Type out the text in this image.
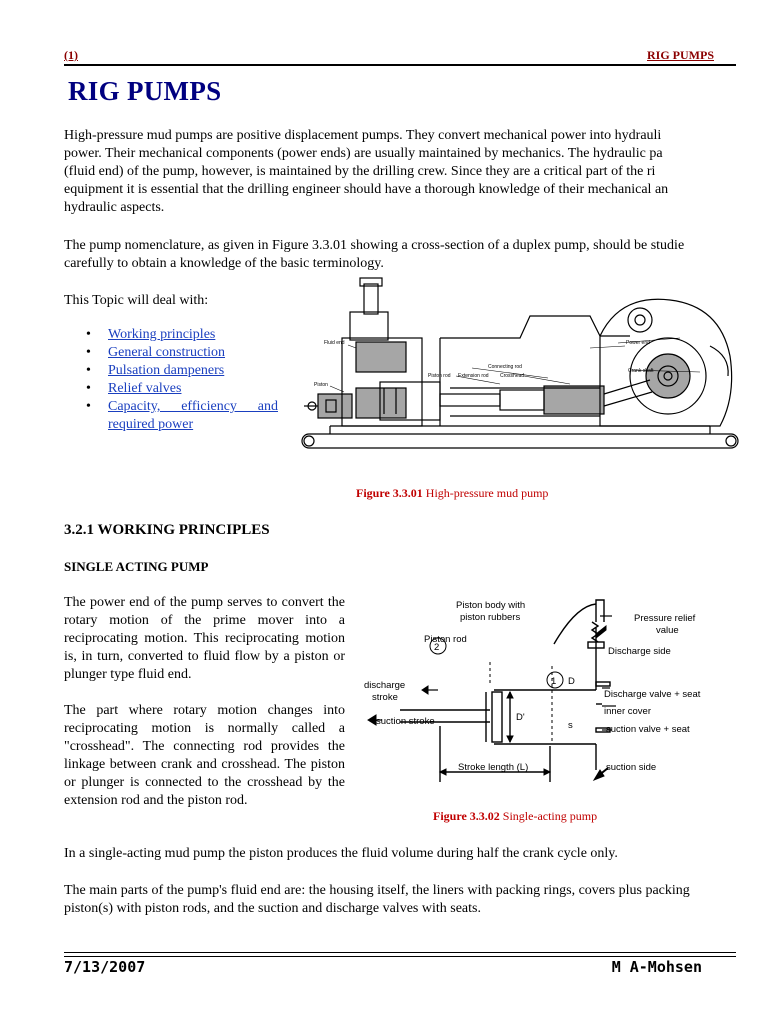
(1)	RIG PUMPS
RIG PUMPS
High-pressure mud pumps are positive displacement pumps. They convert mechanical power into hydrauli
power. Their mechanical components (power ends) are usually maintained by mechanics. The hydraulic pa
(fluid end) of the pump, however, is maintained by the drilling crew. Since they are a critical part of the ri
equipment it is essential that the drilling engineer should have a thorough knowledge of their mechanical an
hydraulic aspects.
The pump nomenclature, as given in Figure 3.3.01 showing a cross-section of a duplex pump, should be studie
carefully to obtain a knowledge of the basic terminology.
This Topic will deal with:
• Working principles
• General construction
• Pulsation dampeners
• Relief valves
• Capacity, efficiency and required power
Fluid end	Power end
Connecting rod
Piston rod Extension rod Crosshead
Crank shaft
Piston
Figure 3.3.01 High-pressure mud pump
3.2.1 WORKING PRINCIPLES
SINGLE ACTING PUMP
The power end of the pump serves to convert the rotary motion of the prime mover into a reciprocating motion. This reciprocating motion is, in turn, converted to fluid flow by a piston or plunger type fluid end.
The part where rotary motion changes into reciprocating motion is normally called a "crosshead". The connecting rod provides the linkage between crank and crosshead. The piston or plunger is connected to the crosshead by the extension rod and the piston rod.
Piston body with
piston rubbers	Pressure relief
value
Discharge side
Piston rod
discharge
stroke
2
1 D
D'
s
Discharge valve + seat
inner cover
suction stroke
suction valve + seat
Stroke length (L)	suction side
Figure 3.3.02 Single-acting pump
In a single-acting mud pump the piston produces the fluid volume during half the crank cycle only.
The main parts of the pump's fluid end are: the housing itself, the liners with packing rings, covers plus packing
piston(s) with piston rods, and the suction and discharge valves with seats.
7/13/2007	M A-Mohsen
